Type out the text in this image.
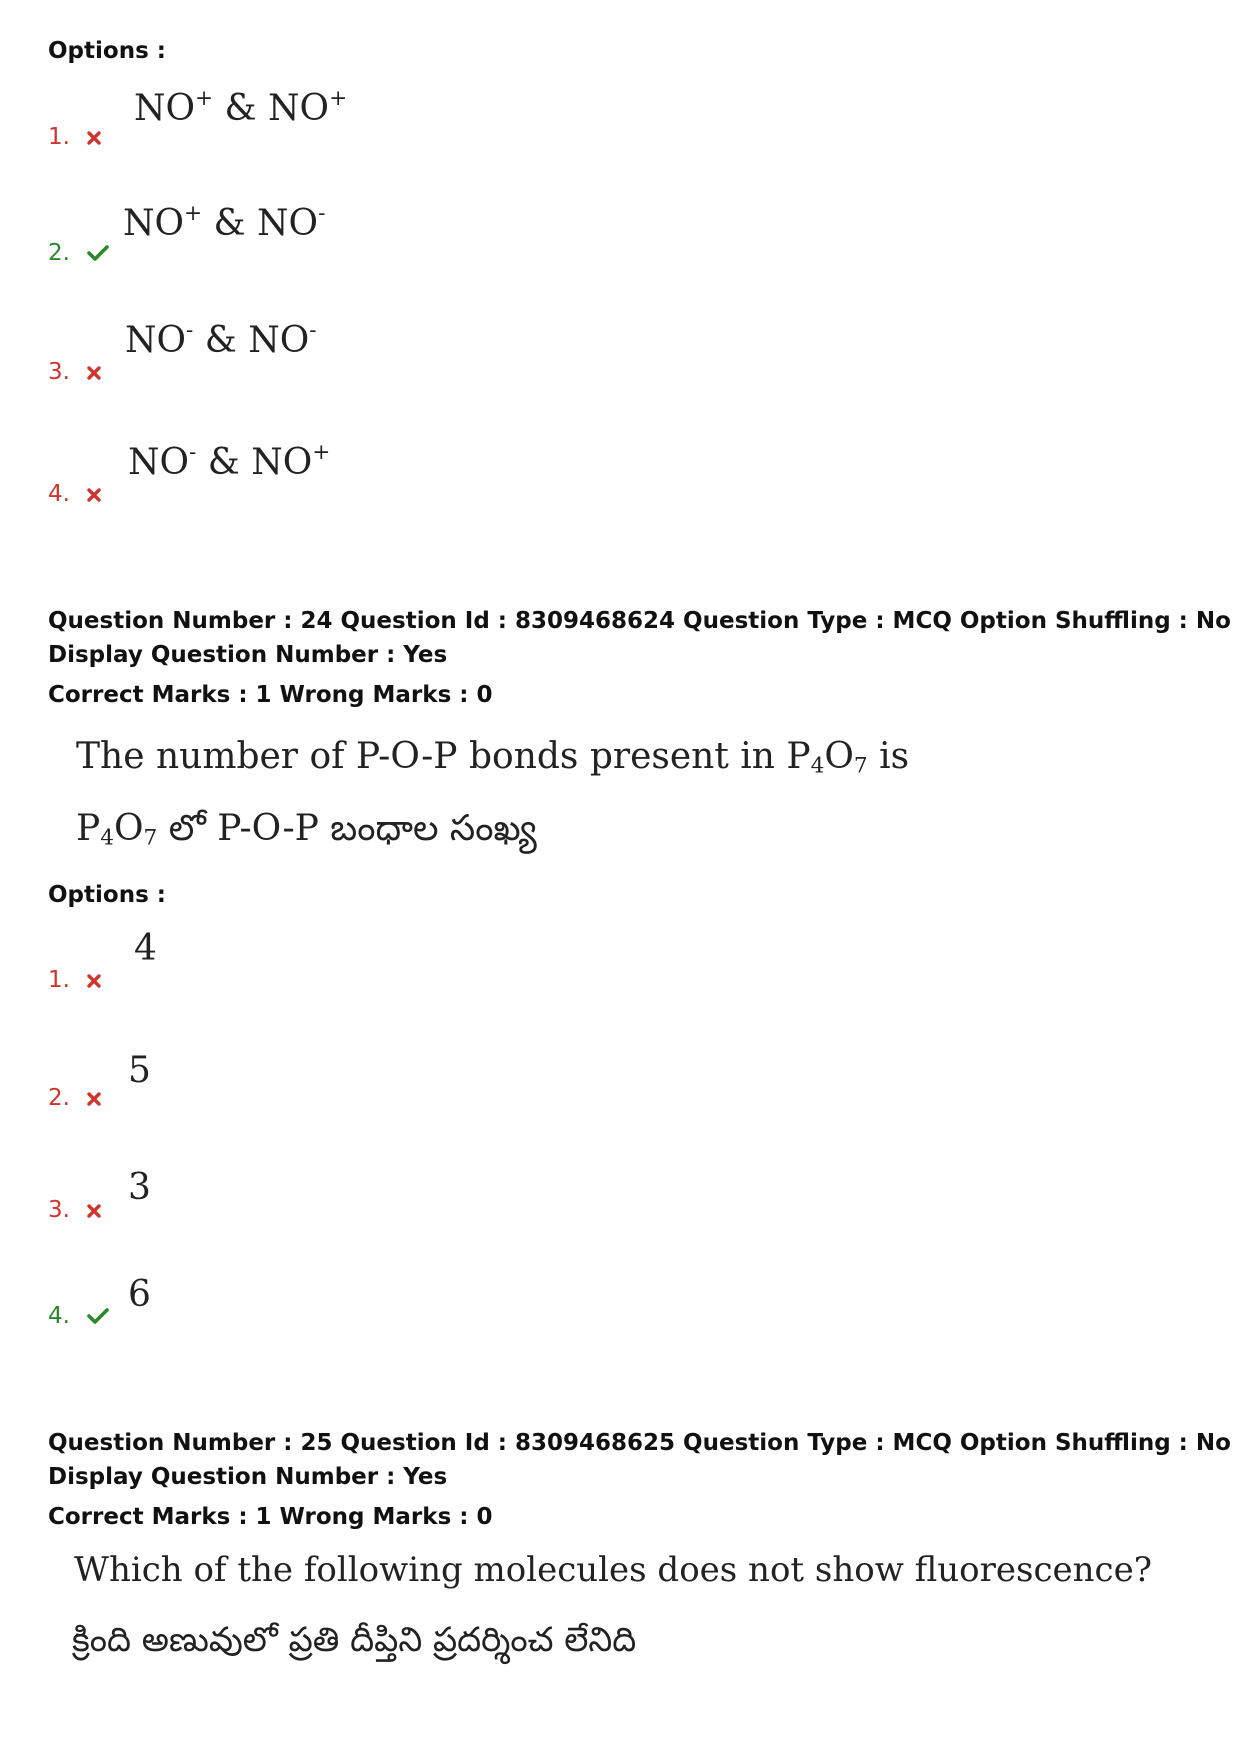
Options :
1.
NO+ & NO+
2.
NO+ & NO-
3.
NO- & NO-
4.
NO- & NO+
Question Number : 24 Question Id : 8309468624 Question Type : MCQ Option Shuffling : No
Display Question Number : Yes
Correct Marks : 1 Wrong Marks : 0
The number of P-O-P bonds present in $P_4O_7$ is
$P_4O_7$ లో P-O-P బంధాల సంఖ్య
Options :
1.
4
2.
5
3.
3
4.
6
Question Number : 25 Question Id : 8309468625 Question Type : MCQ Option Shuffling : No
Display Question Number : Yes
Correct Marks : 1 Wrong Marks : 0
Which of the following molecules does not show fluorescence?
క్రింది అణువులో ప్రతి దీప్తిని ప్రదర్శించ లేనిది
